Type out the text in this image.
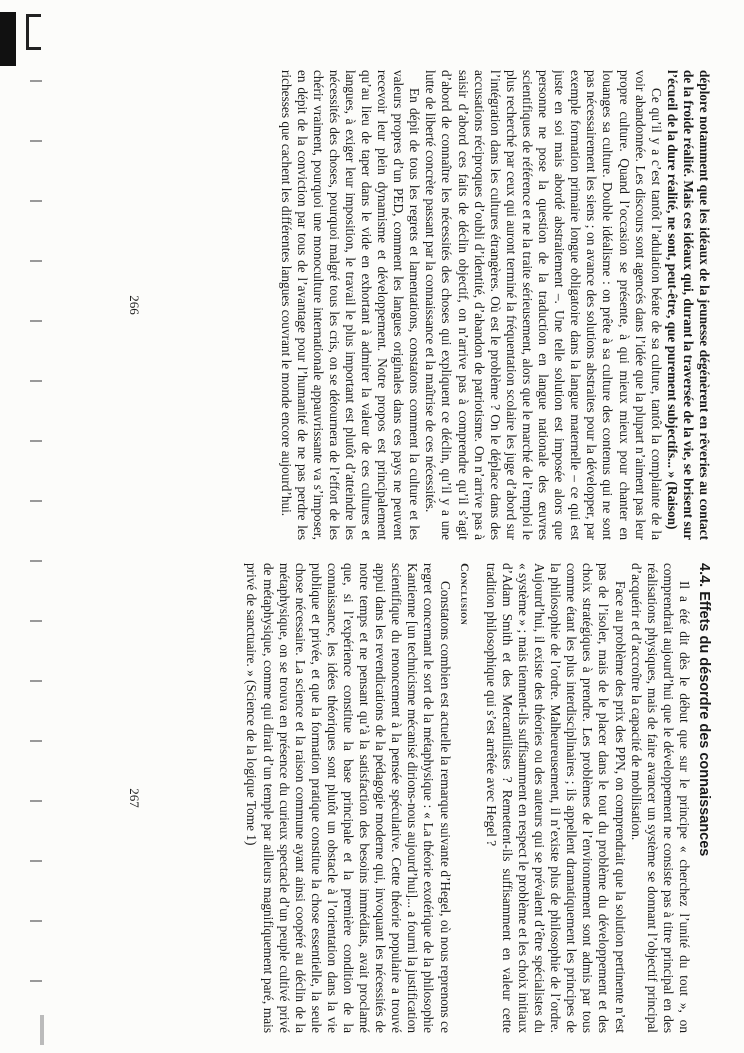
déplore notamment que les idéaux de la jeunesse dégénèrent en rêveries au contact de la froide réalité. Mais ces idéaux qui, durant la traversée de la vie, se brisent sur l’écueil de la dure réalité, ne sont, peut-être, que purement subjectifs... » (Raison)

Ce qu’il y a c’est tantôt l’adulation béate de sa culture, tantôt la complainte de la voir abandonnée. Les discours sont agencés dans l’idée que la plupart n’aiment pas leur propre culture. Quand l’occasion se présente, à qui mieux mieux pour chanter en louanges sa culture. Double idéalisme : on prête à sa culture des contenus qui ne sont pas nécessairement les siens ; on avance des solutions abstraites pour la développer, par exemple formation primaire longue obligatoire dans la langue maternelle – ce qui est juste en soi mais abordé abstraitement –. Une telle solution est imposée alors que personne ne pose la question de la traduction en langue nationale des œuvres scientifiques de référence et ne la traite sérieusement, alors que le marché de l’emploi le plus recherché par ceux qui auront terminé la fréquentation scolaire les juge d’abord sur l’intégration dans les cultures étrangères. Où est le problème ? On le déplace dans des accusations réciproques d’oubli d’identité, d’abandon de patriotisme. On n’arrive pas à saisir d’abord ces faits de déclin objectif, on n’arrive pas à comprendre qu’il s’agit d’abord de connaître les nécessités des choses qui expliquent ce déclin, qu’il y a une lutte de liberté concrète passant par la connaissance et la maîtrise de ces nécessités.

En dépit de tous les regrets et lamentations, constatons comment la culture et les valeurs propres d’un PED, comment les langues originales dans ces pays ne peuvent recevoir leur plein dynamisme et développement. Notre propos est principalement qu’au lieu de taper dans le vide en exhortant à admirer la valeur de ces cultures et langues, à exiger leur imposition, le travail le plus important est plutôt d’atteindre les nécessités des choses, pourquoi malgré tous les cris, on se détournera de l’effort de les chérir vraiment, pourquoi une monoculture internationale appauvrissante va s’imposer, en dépit de la conviction par tous de l’avantage pour l’humanité de ne pas perdre les richesses que cachent les différentes langues couvrant le monde encore aujourd’hui.

266
4.4. Effets du désordre des connaissances

Il a été dit dès le début que sur le principe « cherchez l’unité du tout », on comprendrait aujourd’hui que le développement ne consiste pas à titre principal en des réalisations physiques, mais de faire avancer un système se donnant l’objectif principal d’acquérir et d’accroître la capacité de mobilisation.

Face au problème des prix des PPN, on comprendrait que la solution pertinente n’est pas de l’isoler, mais de le placer dans le tout du problème du développement et des choix stratégiques à prendre. Les problèmes de l’environnement sont admis par tous comme étant les plus interdisciplinaires ; ils appellent dramatiquement les principes de la philosophie de l’ordre. Malheureusement, il n’existe plus de philosophie de l’ordre. Aujourd’hui, il existe des théories ou des auteurs qui se prévalent d’être spécialistes du « système » ; mais tiennent-ils suffisamment en respect le problème et les choix initiaux d’Adam Smith et des Mercantilistes ? Remettent-ils suffisamment en valeur cette tradition philosophique qui s’est arrêtée avec Hegel ?

Conclusion

Constatons combien est actuelle la remarque suivante d’Hegel, où nous reprenons ce regret concernant le sort de la métaphysique : « La théorie exotérique de la philosophie Kantienne [un technicisme mécanisé dirions-nous aujourd’hui]... a fourni la justification scientifique du renoncement à la pensée spéculative. Cette théorie populaire a trouvé appui dans les revendications de la pédagogie moderne qui, invoquant les nécessités de notre temps et ne pensant qu’à la satisfaction des besoins immédiats, avait proclamé que, si l’expérience constitue la base principale et la première condition de la connaissance, les idées théoriques sont plutôt un obstacle à l’orientation dans la vie publique et privée, et que la formation pratique constitue la chose essentielle, la seule chose nécessaire. La science et la raison commune ayant ainsi coopéré au déclin de la métaphysique, on se trouva en présence du curieux spectacle d’un peuple cultivé privé de métaphysique, comme qui dirait d’un temple par ailleurs magnifiquement paré, mais privé de sanctuaire. » (Science de la logique Tome 1)

267
